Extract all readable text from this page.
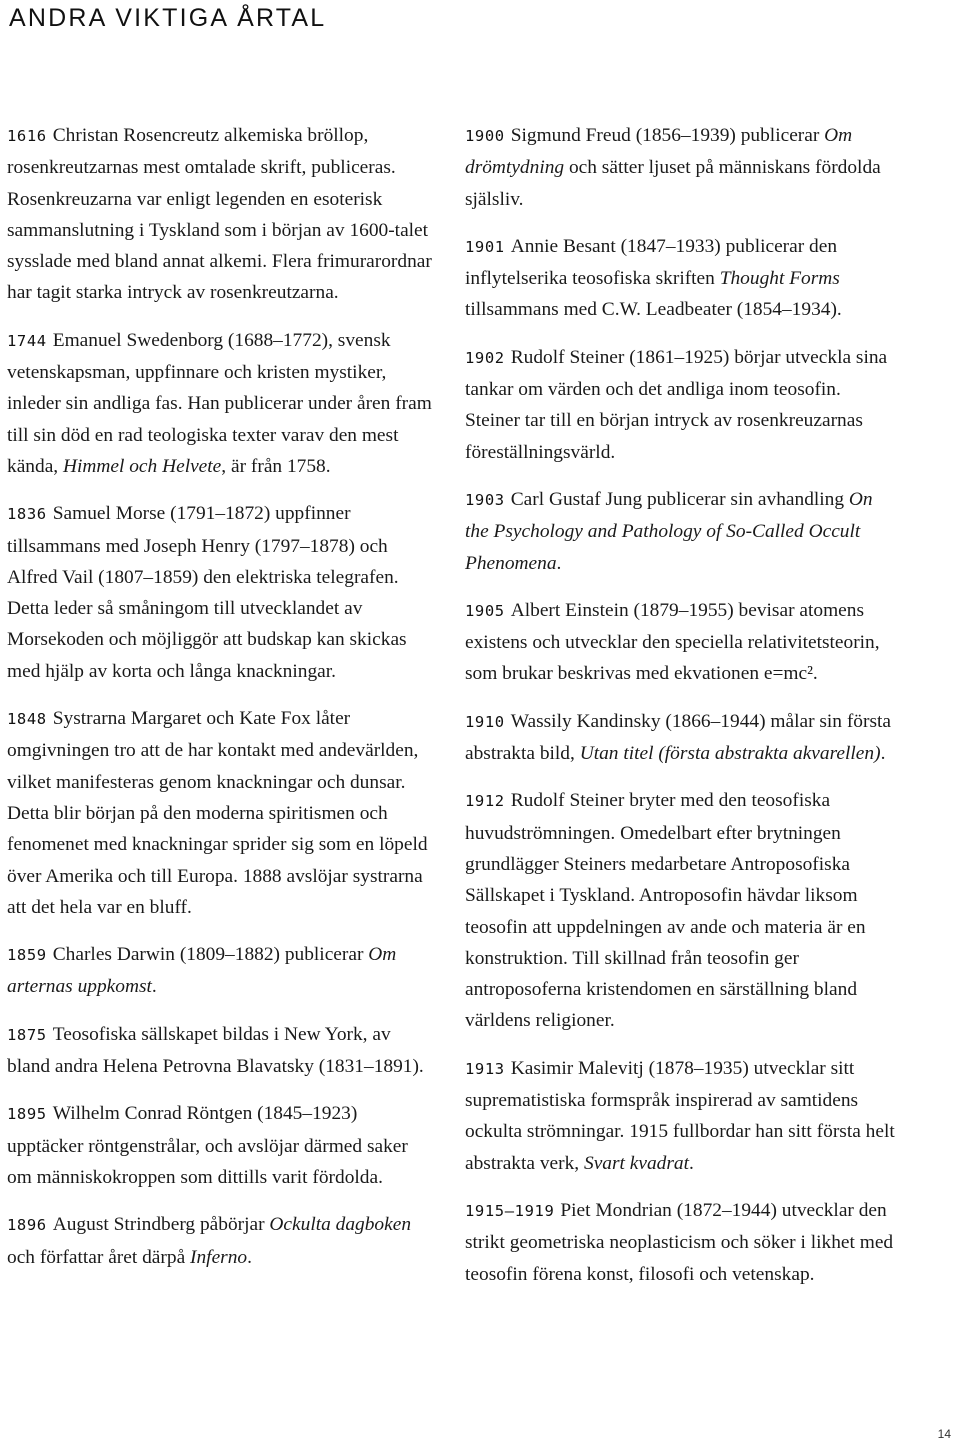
ANDRA VIKTIGA ÅRTAL
1616 Christan Rosencreutz alkemiska bröllop, rosenkreutzarnas mest omtalade skrift, publiceras. Rosenkreuzarna var enligt legenden en esoterisk sammanslutning i Tyskland som i början av 1600-talet sysslade med bland annat alkemi. Flera frimurarordnar har tagit starka intryck av rosenkreutzarna.
1744 Emanuel Swedenborg (1688–1772), svensk vetenskapsman, uppfinnare och kristen mystiker, inleder sin andliga fas. Han publicerar under åren fram till sin död en rad teologiska texter varav den mest kända, Himmel och Helvete, är från 1758.
1836 Samuel Morse (1791–1872) uppfinner tillsammans med Joseph Henry (1797–1878) och Alfred Vail (1807–1859) den elektriska telegrafen. Detta leder så småningom till utvecklandet av Morsekoden och möjliggör att budskap kan skickas med hjälp av korta och långa knackningar.
1848 Systrarna Margaret och Kate Fox låter omgivningen tro att de har kontakt med andevärlden, vilket manifesteras genom knackningar och dunsar. Detta blir början på den moderna spiritismen och fenomenet med knackningar sprider sig som en löpeld över Amerika och till Europa. 1888 avslöjar systrarna att det hela var en bluff.
1859 Charles Darwin (1809–1882) publicerar Om arternas uppkomst.
1875 Teosofiska sällskapet bildas i New York, av bland andra Helena Petrovna Blavatsky (1831–1891).
1895 Wilhelm Conrad Röntgen (1845–1923) upptäcker röntgenstrålar, och avslöjar därmed saker om människokroppen som dittills varit fördolda.
1896 August Strindberg påbörjar Ockulta dagboken och författar året därpå Inferno.
1900 Sigmund Freud (1856–1939) publicerar Om drömtydning och sätter ljuset på människans fördolda själsliv.
1901 Annie Besant (1847–1933) publicerar den inflytelserika teosofiska skriften Thought Forms tillsammans med C.W. Leadbeater (1854–1934).
1902 Rudolf Steiner (1861–1925) börjar utveckla sina tankar om värden och det andliga inom teosofin. Steiner tar till en början intryck av rosenkreuzarnas föreställningsvärld.
1903 Carl Gustaf Jung publicerar sin avhandling On the Psychology and Pathology of So-Called Occult Phenomena.
1905 Albert Einstein (1879–1955) bevisar atomens existens och utvecklar den speciella relativitetsteorin, som brukar beskrivas med ekvationen e=mc².
1910 Wassily Kandinsky (1866–1944) målar sin första abstrakta bild, Utan titel (första abstrakta akvarellen).
1912 Rudolf Steiner bryter med den teosofiska huvudströmningen. Omedelbart efter brytningen grundlägger Steiners medarbetare Antroposofiska Sällskapet i Tyskland. Antroposofin hävdar liksom teosofin att uppdelningen av ande och materia är en konstruktion. Till skillnad från teosofin ger antroposoferna kristendomen en särställning bland världens religioner.
1913 Kasimir Malevitj (1878–1935) utvecklar sitt suprematistiska formspråk inspirerad av samtidens ockulta strömningar. 1915 fullbordar han sitt första helt abstrakta verk, Svart kvadrat.
1915–1919 Piet Mondrian (1872–1944) utvecklar den strikt geometriska neoplasticism och söker i likhet med teosofin förena konst, filosofi och vetenskap.
14
